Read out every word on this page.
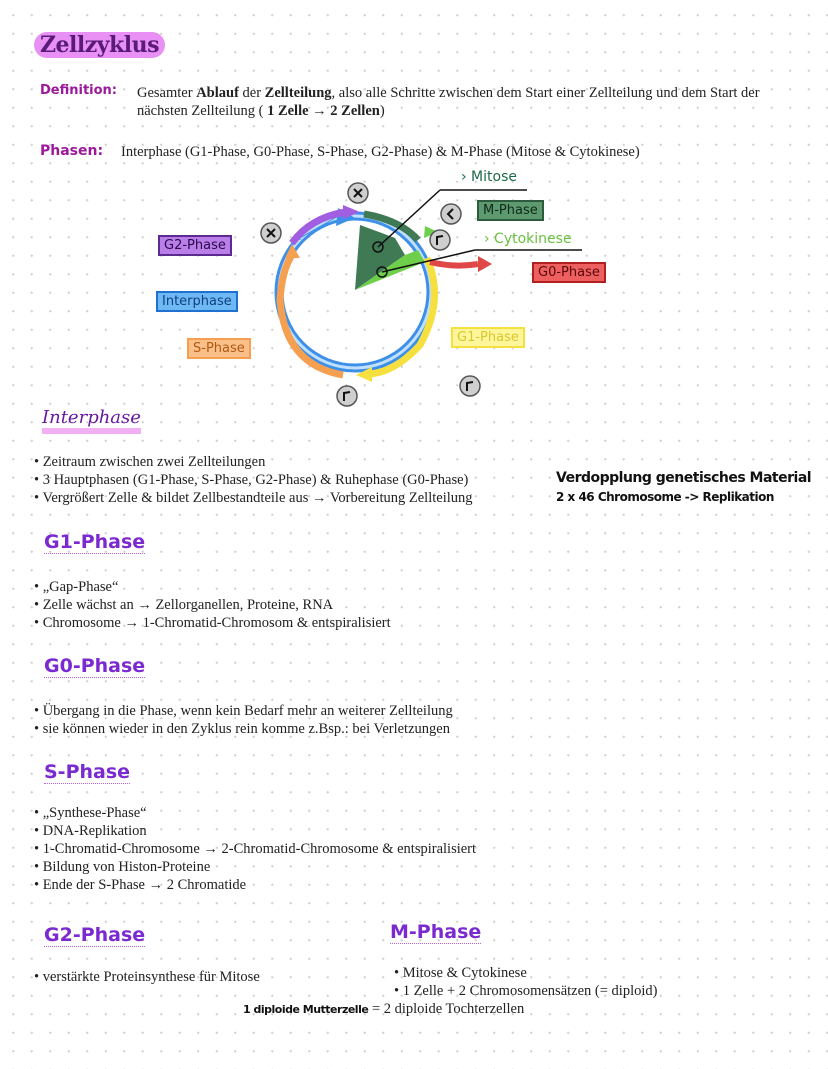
Zellzyklus
Definition: Gesamter Ablauf der Zellteilung, also alle Schritte zwischen dem Start einer Zellteilung und dem Start der nächsten Zellteilung ( 1 Zelle → 2 Zellen)
Phasen: Interphase (G1-Phase, G0-Phase, S-Phase, G2-Phase) & M-Phase (Mitose & Cytokinese)
G2-Phase
Interphase
S-Phase
G1-Phase
M-Phase
G0-Phase
› Mitose
› Cytokinese
Interphase
• Zeitraum zwischen zwei Zellteilungen
• 3 Hauptphasen (G1-Phase, S-Phase, G2-Phase) & Ruhephase (G0-Phase)
• Vergrößert Zelle & bildet Zellbestandteile aus → Vorbereitung Zellteilung
Verdopplung genetisches Material
2 x 46 Chromosome -> Replikation
G1-Phase
• „Gap-Phase“
• Zelle wächst an → Zellorganellen, Proteine, RNA
• Chromosome → 1-Chromatid-Chromosom & entspiralisiert
G0-Phase
• Übergang in die Phase, wenn kein Bedarf mehr an weiterer Zellteilung
• sie können wieder in den Zyklus rein komme z.Bsp.: bei Verletzungen
S-Phase
• „Synthese-Phase“
• DNA-Replikation
• 1-Chromatid-Chromosome → 2-Chromatid-Chromosome & entspiralisiert
• Bildung von Histon-Proteine
• Ende der S-Phase → 2 Chromatide
G2-Phase
• verstärkte Proteinsynthese für Mitose
M-Phase
• Mitose & Cytokinese
• 1 Zelle + 2 Chromosomensätzen (= diploid)
1 diploide Mutterzelle = 2 diploide Tochterzellen
